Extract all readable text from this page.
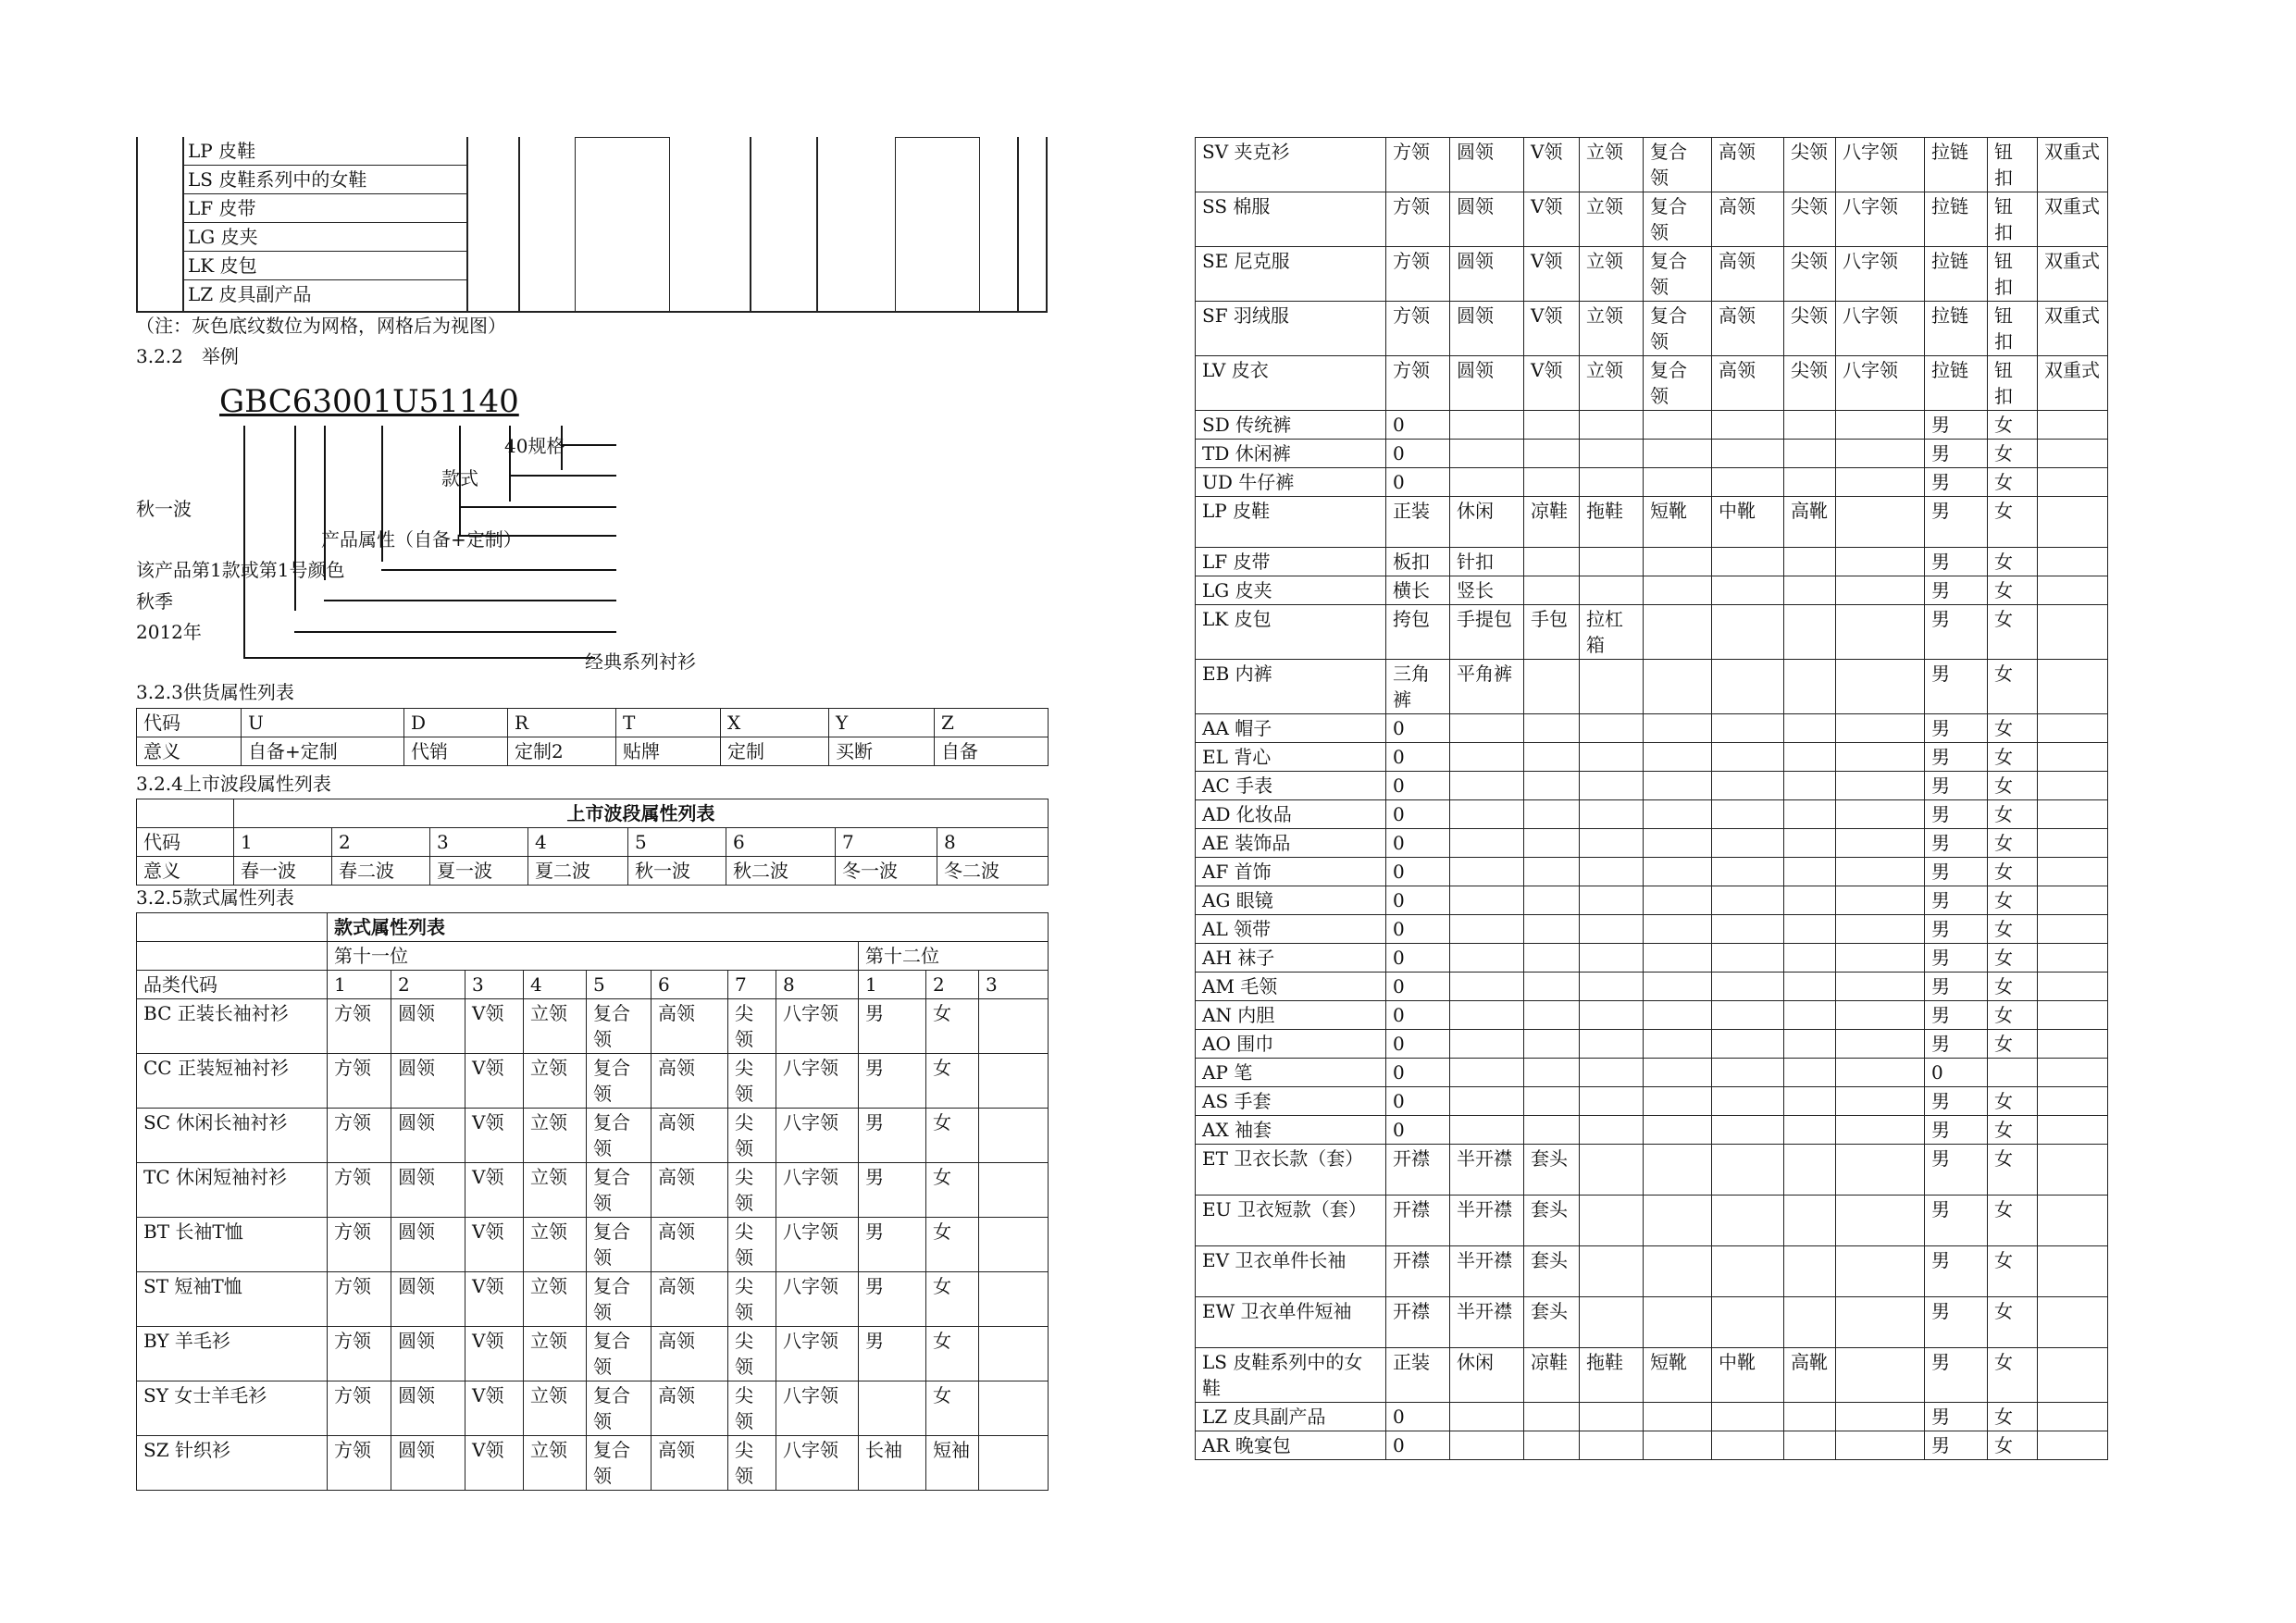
LP 皮鞋
LS 皮鞋系列中的女鞋
LF 皮带
LG 皮夹
LK 皮包
LZ 皮具副产品
（注：灰色底纹数位为网格，网格后为视图）
3.2.2　举例
GBC63001U51140
40规格
款式
秋一波
产品属性（自备+定制）
该产品第1款或第1号颜色
秋季
2012年
经典系列衬衫
3.2.3供货属性列表
代码	U	D	R	T	X	Y	Z
意义	自备+定制	代销	定制2	贴牌	定制	买断	自备
3.2.4上市波段属性列表
	上市波段属性列表							
代码	1	2	3	4	5	6	7	8
意义	春一波	春二波	夏一波	夏二波	秋一波	秋二波	冬一波	冬二波
3.2.5款式属性列表
	款式属性列表										
	第十一位								第十二位		
品类代码	1	2	3	4	5	6	7	8	1	2	3
BC 正装长袖衬衫	方领	圆领	V领	立领	复合领	高领	尖领	八字领	男	女	
CC 正装短袖衬衫	方领	圆领	V领	立领	复合领	高领	尖领	八字领	男	女	
SC 休闲长袖衬衫	方领	圆领	V领	立领	复合领	高领	尖领	八字领	男	女	
TC 休闲短袖衬衫	方领	圆领	V领	立领	复合领	高领	尖领	八字领	男	女	
BT 长袖T恤	方领	圆领	V领	立领	复合领	高领	尖领	八字领	男	女	
ST 短袖T恤	方领	圆领	V领	立领	复合领	高领	尖领	八字领	男	女	
BY 羊毛衫	方领	圆领	V领	立领	复合领	高领	尖领	八字领	男	女	
SY 女士羊毛衫	方领	圆领	V领	立领	复合领	高领	尖领	八字领		女	
SZ 针织衫	方领	圆领	V领	立领	复合领	高领	尖领	八字领	长袖	短袖	
SV 夹克衫	方领	圆领	V领	立领	复合领	高领	尖领	八字领	拉链	钮扣	双重式
SS 棉服	方领	圆领	V领	立领	复合领	高领	尖领	八字领	拉链	钮扣	双重式
SE 尼克服	方领	圆领	V领	立领	复合领	高领	尖领	八字领	拉链	钮扣	双重式
SF 羽绒服	方领	圆领	V领	立领	复合领	高领	尖领	八字领	拉链	钮扣	双重式
LV 皮衣	方领	圆领	V领	立领	复合领	高领	尖领	八字领	拉链	钮扣	双重式
SD 传统裤	0								男	女	
TD 休闲裤	0								男	女	
UD 牛仔裤	0								男	女	
LP 皮鞋	正装	休闲	凉鞋	拖鞋	短靴	中靴	高靴		男	女	
LF 皮带	板扣	针扣							男	女	
LG 皮夹	横长	竖长							男	女	
LK 皮包	挎包	手提包	手包	拉杠箱					男	女	
EB 内裤	三角裤	平角裤							男	女	
AA 帽子	0								男	女	
EL 背心	0								男	女	
AC 手表	0								男	女	
AD 化妆品	0								男	女	
AE 装饰品	0								男	女	
AF 首饰	0								男	女	
AG 眼镜	0								男	女	
AL 领带	0								男	女	
AH 袜子	0								男	女	
AM 毛领	0								男	女	
AN 内胆	0								男	女	
AO 围巾	0								男	女	
AP 笔	0								0		
AS 手套	0								男	女	
AX 袖套	0								男	女	
ET 卫衣长款（套）	开襟	半开襟	套头						男	女	
EU 卫衣短款（套）	开襟	半开襟	套头						男	女	
EV 卫衣单件长袖	开襟	半开襟	套头						男	女	
EW 卫衣单件短袖	开襟	半开襟	套头						男	女	
LS 皮鞋系列中的女鞋	正装	休闲	凉鞋	拖鞋	短靴	中靴	高靴		男	女	
LZ 皮具副产品	0								男	女	
AR 晚宴包	0								男	女	
